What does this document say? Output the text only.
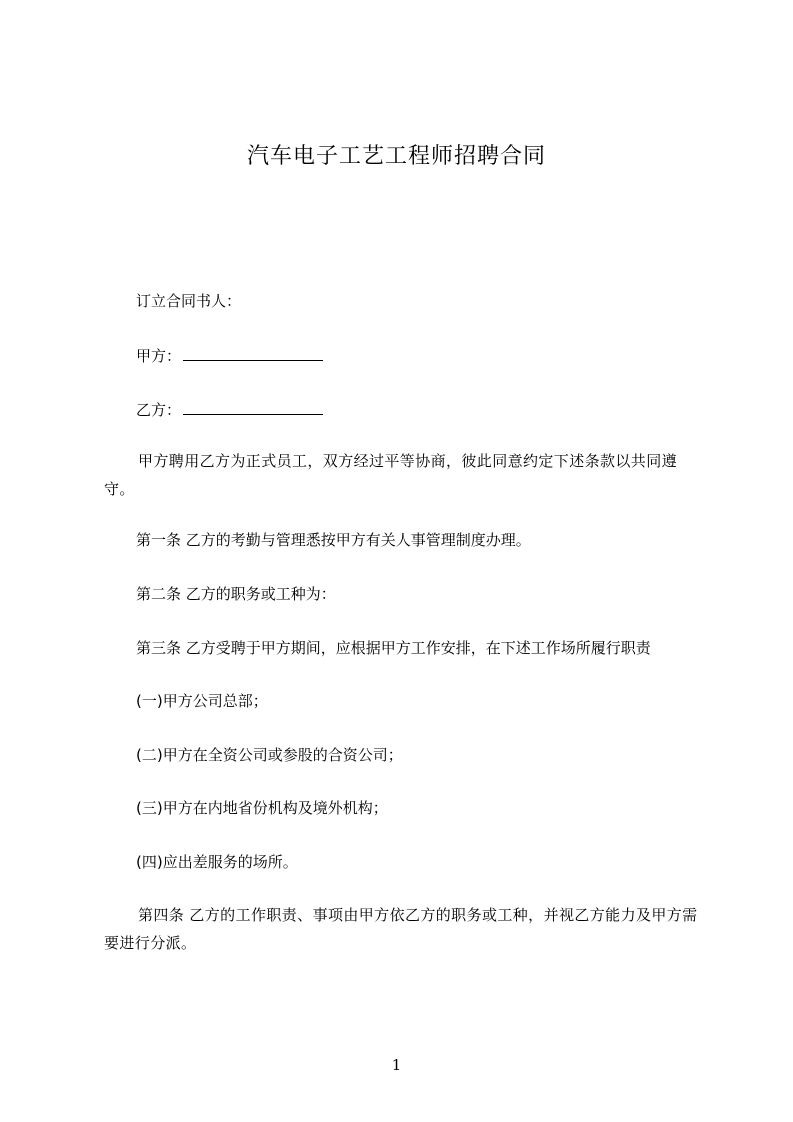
汽车电子工艺工程师招聘合同
订立合同书人：
甲方：
乙方：
甲方聘用乙方为正式员工，双方经过平等协商，彼此同意约定下述条款以共同遵守。
第一条 乙方的考勤与管理悉按甲方有关人事管理制度办理。
第二条 乙方的职务或工种为：
第三条 乙方受聘于甲方期间，应根据甲方工作安排，在下述工作场所履行职责
(一)甲方公司总部；
(二)甲方在全资公司或参股的合资公司；
(三)甲方在内地省份机构及境外机构；
(四)应出差服务的场所。
第四条 乙方的工作职责、事项由甲方依乙方的职务或工种，并视乙方能力及甲方需要进行分派。
1
